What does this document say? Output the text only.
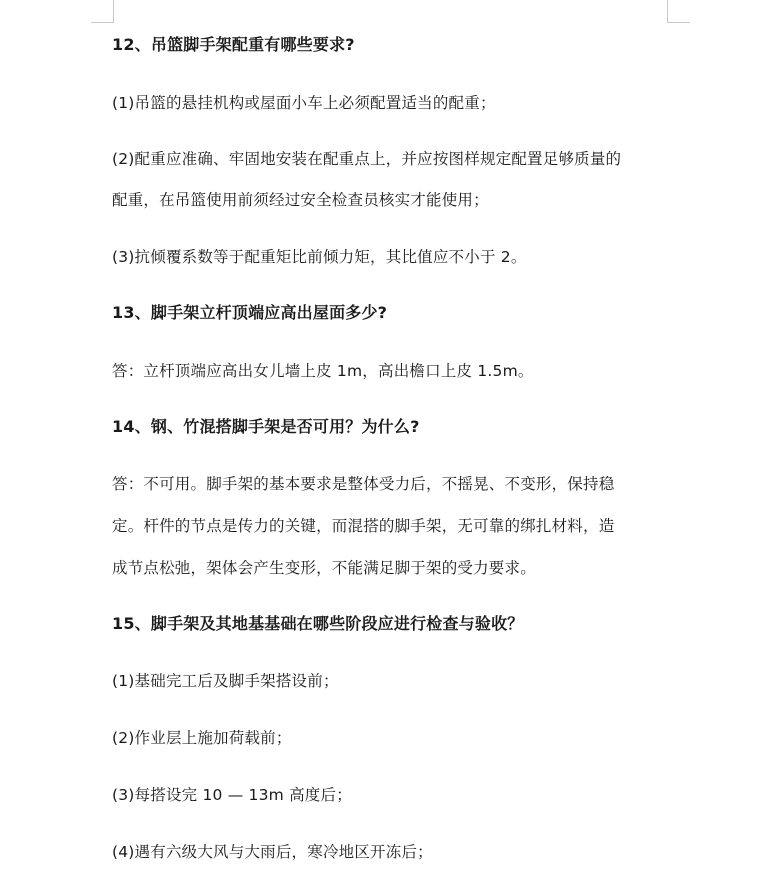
12、吊篮脚手架配重有哪些要求?
(1)吊篮的悬挂机构或屋面小车上必须配置适当的配重；
(2)配重应准确、牢固地安装在配重点上，并应按图样规定配置足够质量的
配重，在吊篮使用前须经过安全检查员核实才能使用；
(3)抗倾覆系数等于配重矩比前倾力矩，其比值应不小于 2。
13、脚手架立杆顶端应高出屋面多少?
答：立杆顶端应高出女儿墙上皮 1m，高出檐口上皮 1.5m。
14、钢、竹混搭脚手架是否可用？为什么?
答：不可用。脚手架的基本要求是整体受力后，不摇晃、不变形，保持稳
定。杆件的节点是传力的关键，而混搭的脚手架，无可靠的绑扎材料，造
成节点松弛，架体会产生变形，不能满足脚于架的受力要求。
15、脚手架及其地基基础在哪些阶段应进行检查与验收？
(1)基础完工后及脚手架搭设前；
(2)作业层上施加荷载前；
(3)每搭设完 10 — 13m 高度后；
(4)遇有六级大风与大雨后，寒冷地区开冻后；
